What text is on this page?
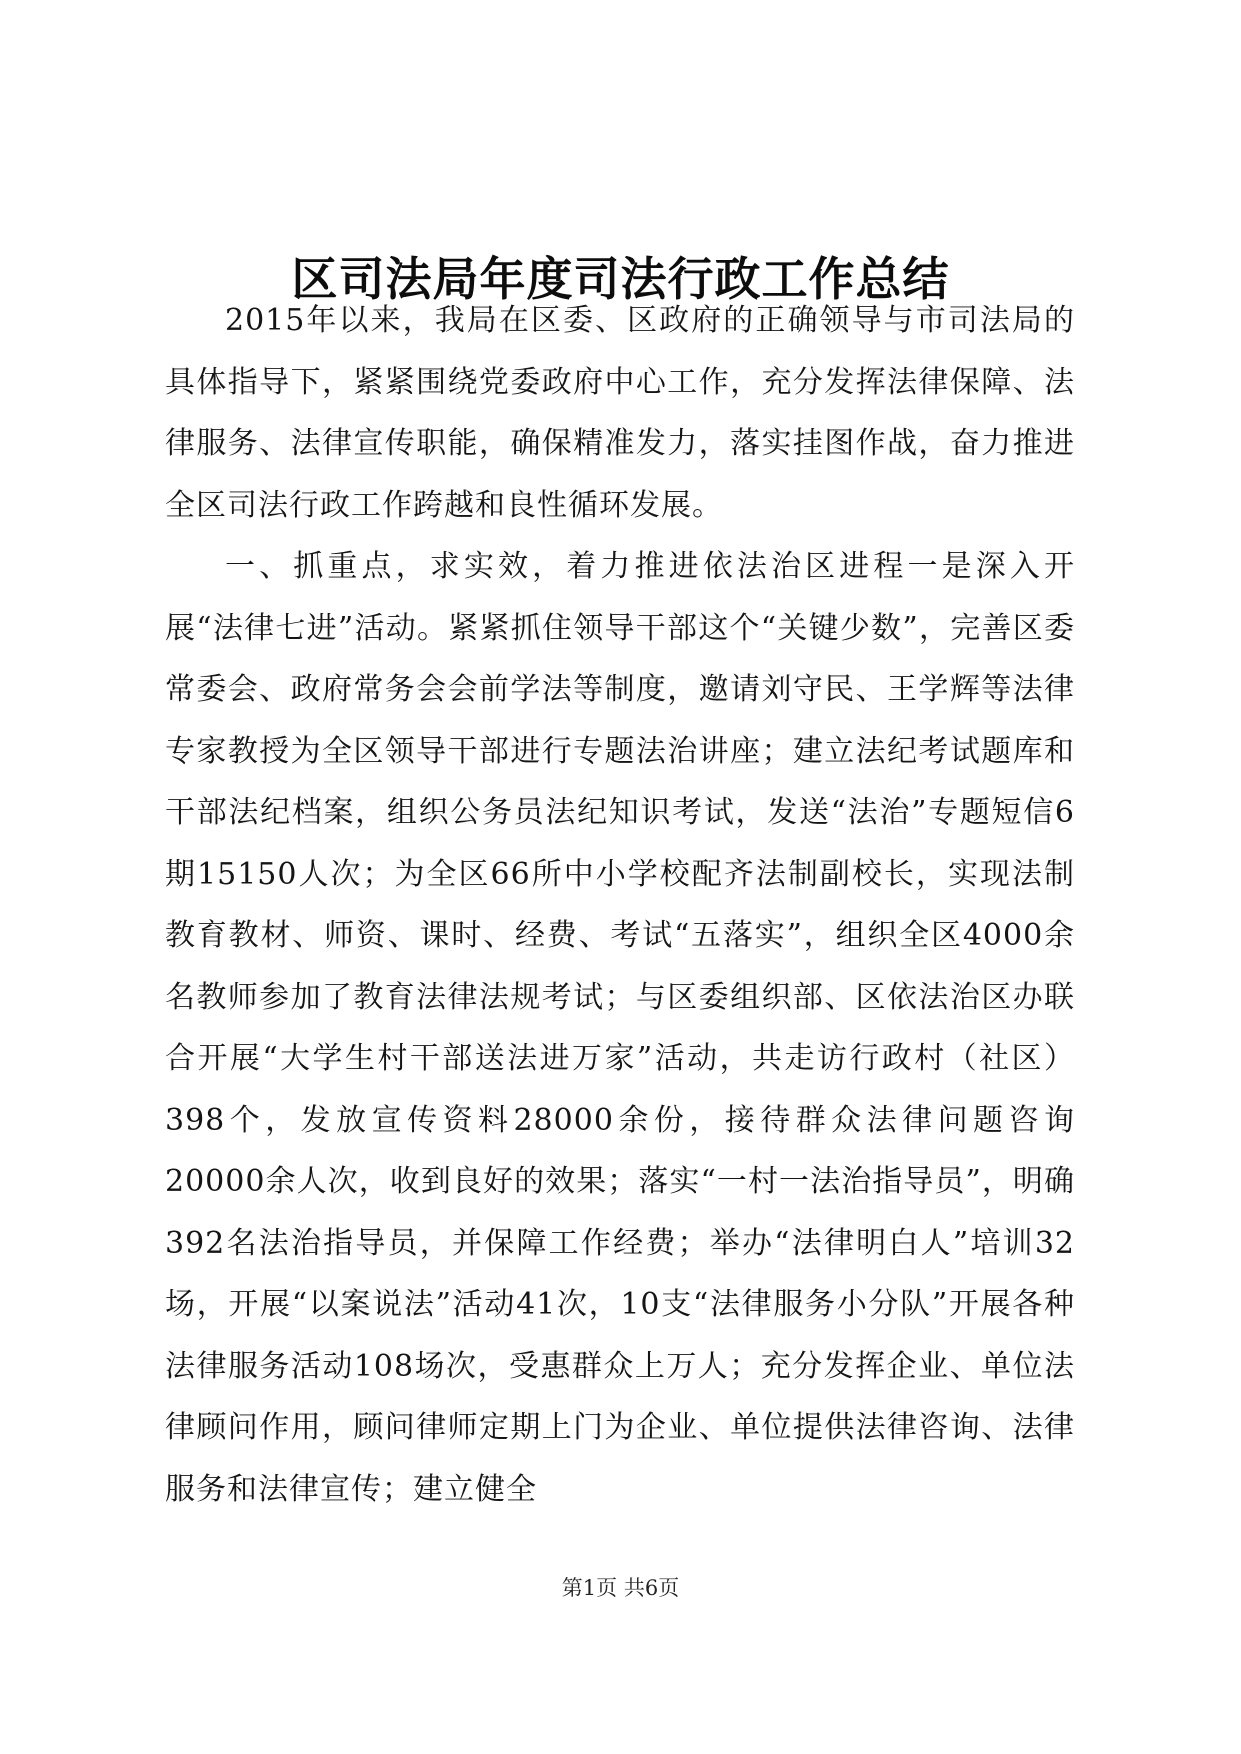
区司法局年度司法行政工作总结

2015年以来，我局在区委、区政府的正确领导与市司法局的具体指导下，紧紧围绕党委政府中心工作，充分发挥法律保障、法律服务、法律宣传职能，确保精准发力，落实挂图作战，奋力推进全区司法行政工作跨越和良性循环发展。

一、抓重点，求实效，着力推进依法治区进程一是深入开展“法律七进”活动。紧紧抓住领导干部这个“关键少数”，完善区委常委会、政府常务会会前学法等制度，邀请刘守民、王学辉等法律专家教授为全区领导干部进行专题法治讲座；建立法纪考试题库和干部法纪档案，组织公务员法纪知识考试，发送“法治”专题短信6期15150人次；为全区66所中小学校配齐法制副校长，实现法制教育教材、师资、课时、经费、考试“五落实”，组织全区4000余名教师参加了教育法律法规考试；与区委组织部、区依法治区办联合开展“大学生村干部送法进万家”活动，共走访行政村（社区）398个，发放宣传资料28000余份，接待群众法律问题咨询20000余人次，收到良好的效果；落实“一村一法治指导员”，明确392名法治指导员，并保障工作经费；举办“法律明白人”培训32场，开展“以案说法”活动41次，10支“法律服务小分队”开展各种法律服务活动108场次，受惠群众上万人；充分发挥企业、单位法律顾问作用，顾问律师定期上门为企业、单位提供法律咨询、法律服务和法律宣传；建立健全

第1页 共6页
